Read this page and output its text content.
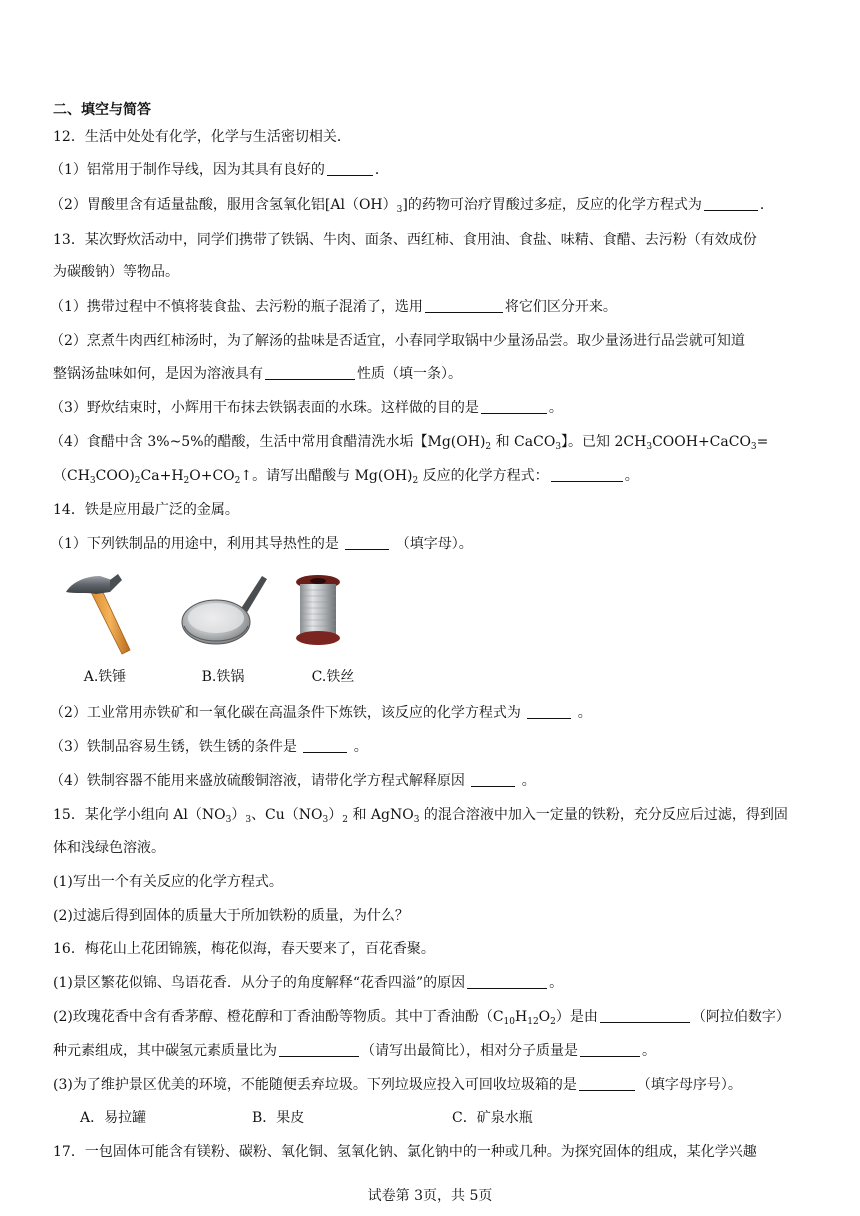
二、填空与简答
12．生活中处处有化学，化学与生活密切相关．
（1）铝常用于制作导线，因为其具有良好的	．
（2）胃酸里含有适量盐酸，服用含氢氧化铝$[Al(OH)_3]$的药物可治疗胃酸过多症，反应的化学方程式为	．
13．某次野炊活动中，同学们携带了铁锅、牛肉、面条、西红柿、食用油、食盐、味精、食醋、去污粉（有效成份
为碳酸钠）等物品。
（1）携带过程中不慎将装食盐、去污粉的瓶子混淆了，选用	将它们区分开来。
（2）烹煮牛肉西红柿汤时，为了解汤的盐味是否适宜，小春同学取锅中少量汤品尝。取少量汤进行品尝就可知道
整锅汤盐味如何，是因为溶液具有	性质（填一条）。
（3）野炊结束时，小辉用干布抹去铁锅表面的水珠。这样做的目的是	。
（4）食醋中含 3%~5%的醋酸，生活中常用食醋清洗水垢【$Mg(OH)_2$ 和 CaCO$_3$】。已知 $2CH_3COOH+CaCO_3=$
$(CH_3COO)_2Ca+H_2O+CO_2↑$。请写出醋酸与 $Mg(OH)_2$ 反应的化学方程式：	。
14．铁是应用最广泛的金属。
（1）下列铁制品的用途中，利用其导热性的是	（填字母）。
A.铁锤	B.铁锅	C.铁丝
（2）工业常用赤铁矿和一氧化碳在高温条件下炼铁，该反应的化学方程式为	。
（3）铁制品容易生锈，铁生锈的条件是	。
（4）铁制容器不能用来盛放硫酸铜溶液，请带化学方程式解释原因	。
15．某化学小组向 $Al(NO_3)_3$、$Cu(NO_3)_2$ 和 AgNO$_3$ 的混合溶液中加入一定量的铁粉，充分反应后过滤，得到固
体和浅绿色溶液。
(1)写出一个有关反应的化学方程式。
(2)过滤后得到固体的质量大于所加铁粉的质量，为什么？
16．梅花山上花团锦簇，梅花似海，春天要来了，百花香聚。
(1)景区繁花似锦、鸟语花香．从分子的角度解释“花香四溢”的原因	。
(2)玫瑰花香中含有香茅醇、橙花醇和丁香油酚等物质。其中丁香油酚$(C_{10}H_{12}O_2)$是由	（阿拉伯数字）
种元素组成，其中碳氢元素质量比为	（请写出最简比），相对分子质量是	。
(3)为了维护景区优美的环境，不能随便丢弃垃圾。下列垃圾应投入可回收垃圾箱的是	（填字母序号）。
A．易拉罐	B．果皮	C．矿泉水瓶
17．一包固体可能含有镁粉、碳粉、氧化铜、氢氧化钠、氯化钠中的一种或几种。为探究固体的组成，某化学兴趣
试卷第 3页，共 5页
